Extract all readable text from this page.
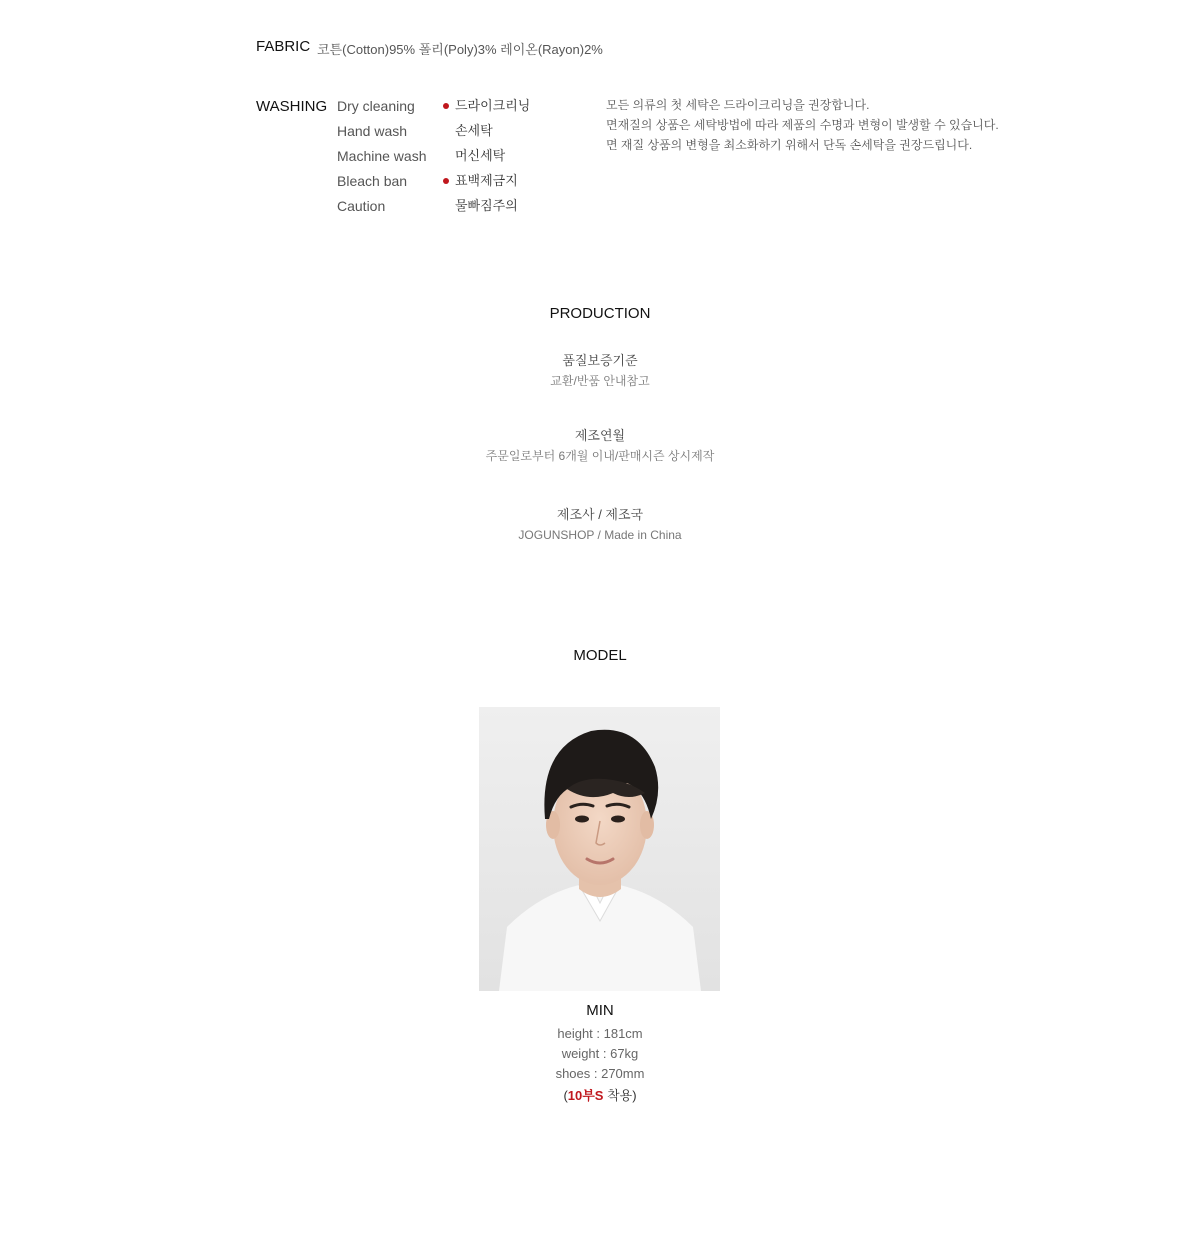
FABRIC 코튼(Cotton)95% 폴리(Poly)3% 레이온(Rayon)2%
WASHING Dry cleaning
Hand wash
Machine wash
Bleach ban
Caution
드라이크리닝
손세탁
머신세탁
표백제금지
물빠짐주의
모든 의류의 첫 세탁은 드라이크리닝을 권장합니다.
면재질의 상품은 세탁방법에 따라 제품의 수명과 변형이 발생할 수 있습니다.
면 재질 상품의 변형을 최소화하기 위해서 단독 손세탁을 권장드립니다.
PRODUCTION
품질보증기준
교환/반품 안내참고
제조연월
주문일로부터 6개월 이내/판매시즌 상시제작
제조사 / 제조국
JOGUNSHOP / Made in China
MODEL
MIN
height : 181cm
weight : 67kg
shoes : 270mm
(10부S 착용)
